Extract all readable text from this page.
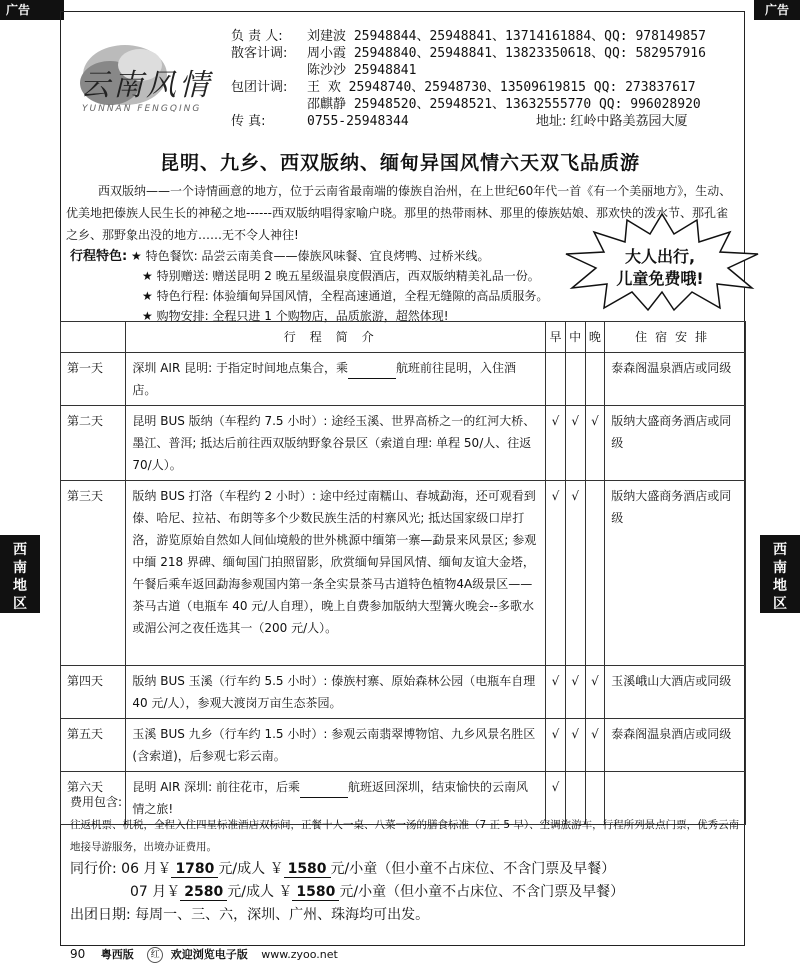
广告	广告
西
南
地
区
西
南
地
区
云南风情
YUNNAN FENGQING
负 责 人: 刘建波 25948844、25948841、13714161884、QQ: 978149857
散客计调: 周小霞 25948840、25948841、13823350618、QQ: 582957916
陈沙沙 25948841
包团计调: 王 欢 25948740、25948730、13509619815 QQ: 273837617
邵麒静 25948520、25948521、13632555770 QQ: 996028920
传 真:	0755-25948344	地址: 红岭中路美荔园大厦
昆明、九乡、西双版纳、缅甸异国风情六天双飞品质游
西双版纳——一个诗情画意的地方，位于云南省最南端的傣族自治州，在上世纪60年代一首《有一个美丽地方》，生动、优美地把傣族人民生长的神秘之地------西双版纳唱得家喻户晓。那里的热带雨林、那里的傣族姑娘、那欢快的泼水节、那孔雀之乡、那野象出没的地方……无不令人神往!
行程特色: ★ 特色餐饮: 品尝云南美食——傣族风味餐、宜良烤鸭、过桥米线。
★ 特别赠送: 赠送昆明 2 晚五星级温泉度假酒店，西双版纳精美礼品一份。
★ 特色行程: 体验缅甸异国风情，全程高速通道，全程无缝隙的高品质服务。
★ 购物安排: 全程只进 1 个购物店，品质旅游，超然体现!
大人出行,
儿童免费哦!
	行程简介	早	中	晚	住宿安排
第一天	深圳 AIR 昆明: 于指定时间地点集合，乘 航班前往昆明，入住酒店。				泰森阁温泉酒店或同级
第二天	昆明 BUS 版纳（车程约 7.5 小时）: 途经玉溪、世界高桥之一的红河大桥、墨江、普洱; 抵达后前往西双版纳野象谷景区（索道自理: 单程 50/人、往返 70/人）。	√	√	√	版纳大盛商务酒店或同级
第三天	版纳 BUS 打洛（车程约 2 小时）: 途中经过南糯山、春城勐海，还可观看到傣、哈尼、拉祜、布朗等多个少数民族生活的村寨风光; 抵达国家级口岸打洛，游览原始自然如人间仙境般的世外桃源中缅第一寨—勐景来风景区; 参观中缅 218 界碑、缅甸国门拍照留影，欣赏缅甸异国风情、缅甸友谊大金塔，午餐后乘车返回勐海参观国内第一条全实景茶马古道特色植物4A级景区——茶马古道（电瓶车 40 元/人自理），晚上自费参加版纳大型篝火晚会--多歌水或湄公河之夜任选其一（200 元/人）。	√	√		版纳大盛商务酒店或同级
第四天	版纳 BUS 玉溪（行车约 5.5 小时）: 傣族村寨、原始森林公园（电瓶车自理 40 元/人），参观大渡岗万亩生态茶园。	√	√	√	玉溪峨山大酒店或同级
第五天	玉溪 BUS 九乡（行车约 1.5 小时）: 参观云南翡翠博物馆、九乡风景名胜区(含索道)，后参观七彩云南。	√	√	√	泰森阁温泉酒店或同级
第六天	昆明 AIR 深圳: 前往花市，后乘 航班返回深圳，结束愉快的云南风情之旅!	√			
费用包含:
往返机票、机税，全程入住四星标准酒店双标间，正餐十人一桌、八菜一汤的膳食标准（7 正 5 早）、空调旅游车，行程所列景点门票，优秀云南地接导游服务，出境办证费用。
同行价: 06 月￥ 1780 元/成人 ￥ 1580 元/小童（但小童不占床位、不含门票及早餐）
07 月￥ 2580 元/成人 ￥ 1580 元/小童（但小童不占床位、不含门票及早餐）
出团日期: 每周一、三、六，深圳、广州、珠海均可出发。
90 粤西版 红 欢迎浏览电子版 www.zyoo.net
